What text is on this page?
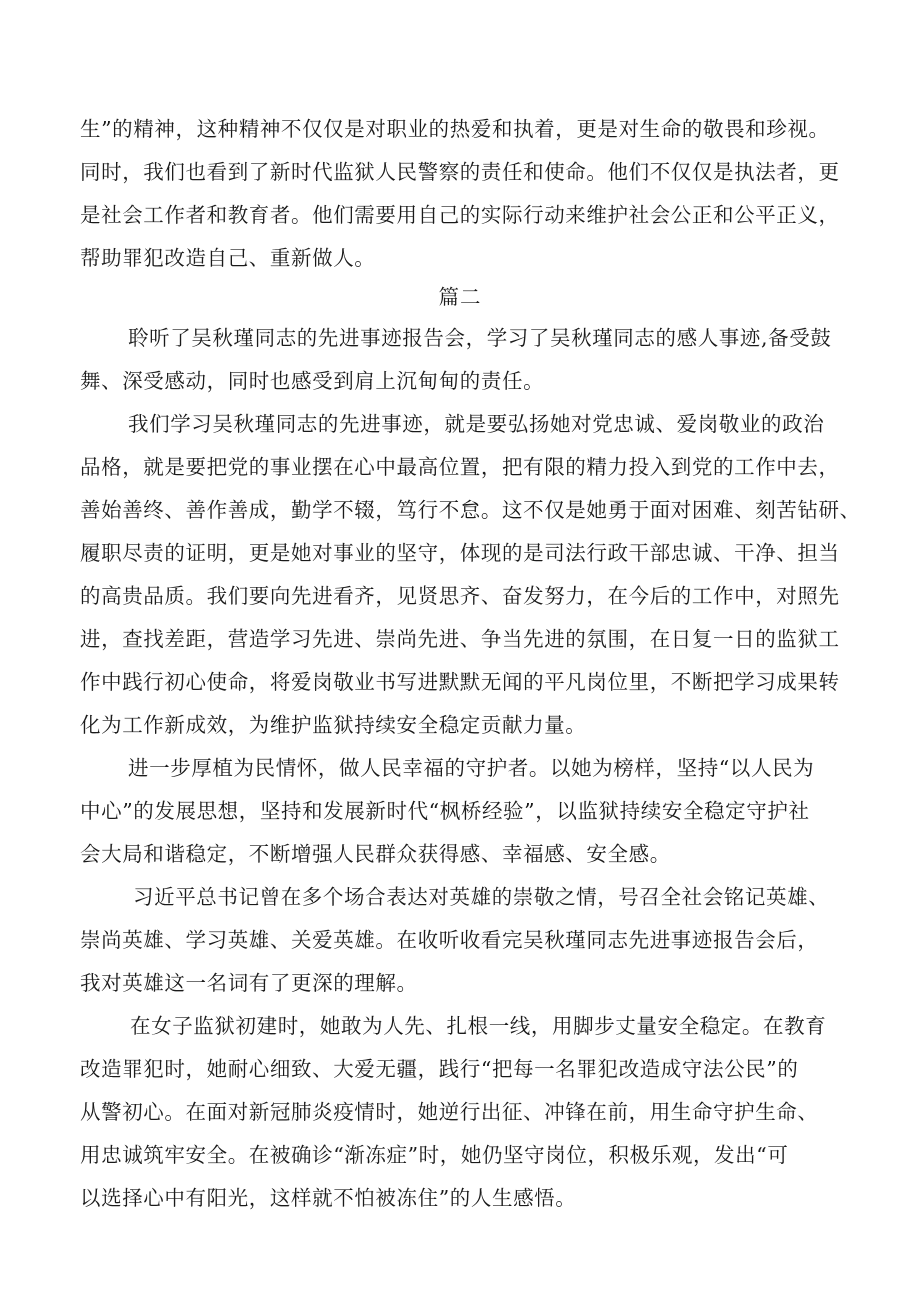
生”的精神，这种精神不仅仅是对职业的热爱和执着，更是对生命的敬畏和珍视。
同时，我们也看到了新时代监狱人民警察的责任和使命。他们不仅仅是执法者，更
是社会工作者和教育者。他们需要用自己的实际行动来维护社会公正和公平正义，
帮助罪犯改造自己、重新做人。
篇二
聆听了吴秋瑾同志的先进事迹报告会，学习了吴秋瑾同志的感人事迹,备受鼓
舞、深受感动，同时也感受到肩上沉甸甸的责任。
我们学习吴秋瑾同志的先进事迹，就是要弘扬她对党忠诚、爱岗敬业的政治
品格，就是要把党的事业摆在心中最高位置，把有限的精力投入到党的工作中去，
善始善终、善作善成，勤学不辍，笃行不怠。这不仅是她勇于面对困难、刻苦钻研、
履职尽责的证明，更是她对事业的坚守，体现的是司法行政干部忠诚、干净、担当
的高贵品质。我们要向先进看齐，见贤思齐、奋发努力，在今后的工作中，对照先
进，查找差距，营造学习先进、崇尚先进、争当先进的氛围，在日复一日的监狱工
作中践行初心使命，将爱岗敬业书写进默默无闻的平凡岗位里，不断把学习成果转
化为工作新成效，为维护监狱持续安全稳定贡献力量。
进一步厚植为民情怀，做人民幸福的守护者。以她为榜样，坚持“以人民为
中心”的发展思想，坚持和发展新时代“枫桥经验”，以监狱持续安全稳定守护社
会大局和谐稳定，不断增强人民群众获得感、幸福感、安全感。
习近平总书记曾在多个场合表达对英雄的崇敬之情，号召全社会铭记英雄、
崇尚英雄、学习英雄、关爱英雄。在收听收看完吴秋瑾同志先进事迹报告会后，
我对英雄这一名词有了更深的理解。
在女子监狱初建时，她敢为人先、扎根一线，用脚步丈量安全稳定。在教育
改造罪犯时，她耐心细致、大爱无疆，践行“把每一名罪犯改造成守法公民”的
从警初心。在面对新冠肺炎疫情时，她逆行出征、冲锋在前，用生命守护生命、
用忠诚筑牢安全。在被确诊“渐冻症”时，她仍坚守岗位，积极乐观，发出“可
以选择心中有阳光，这样就不怕被冻住”的人生感悟。
